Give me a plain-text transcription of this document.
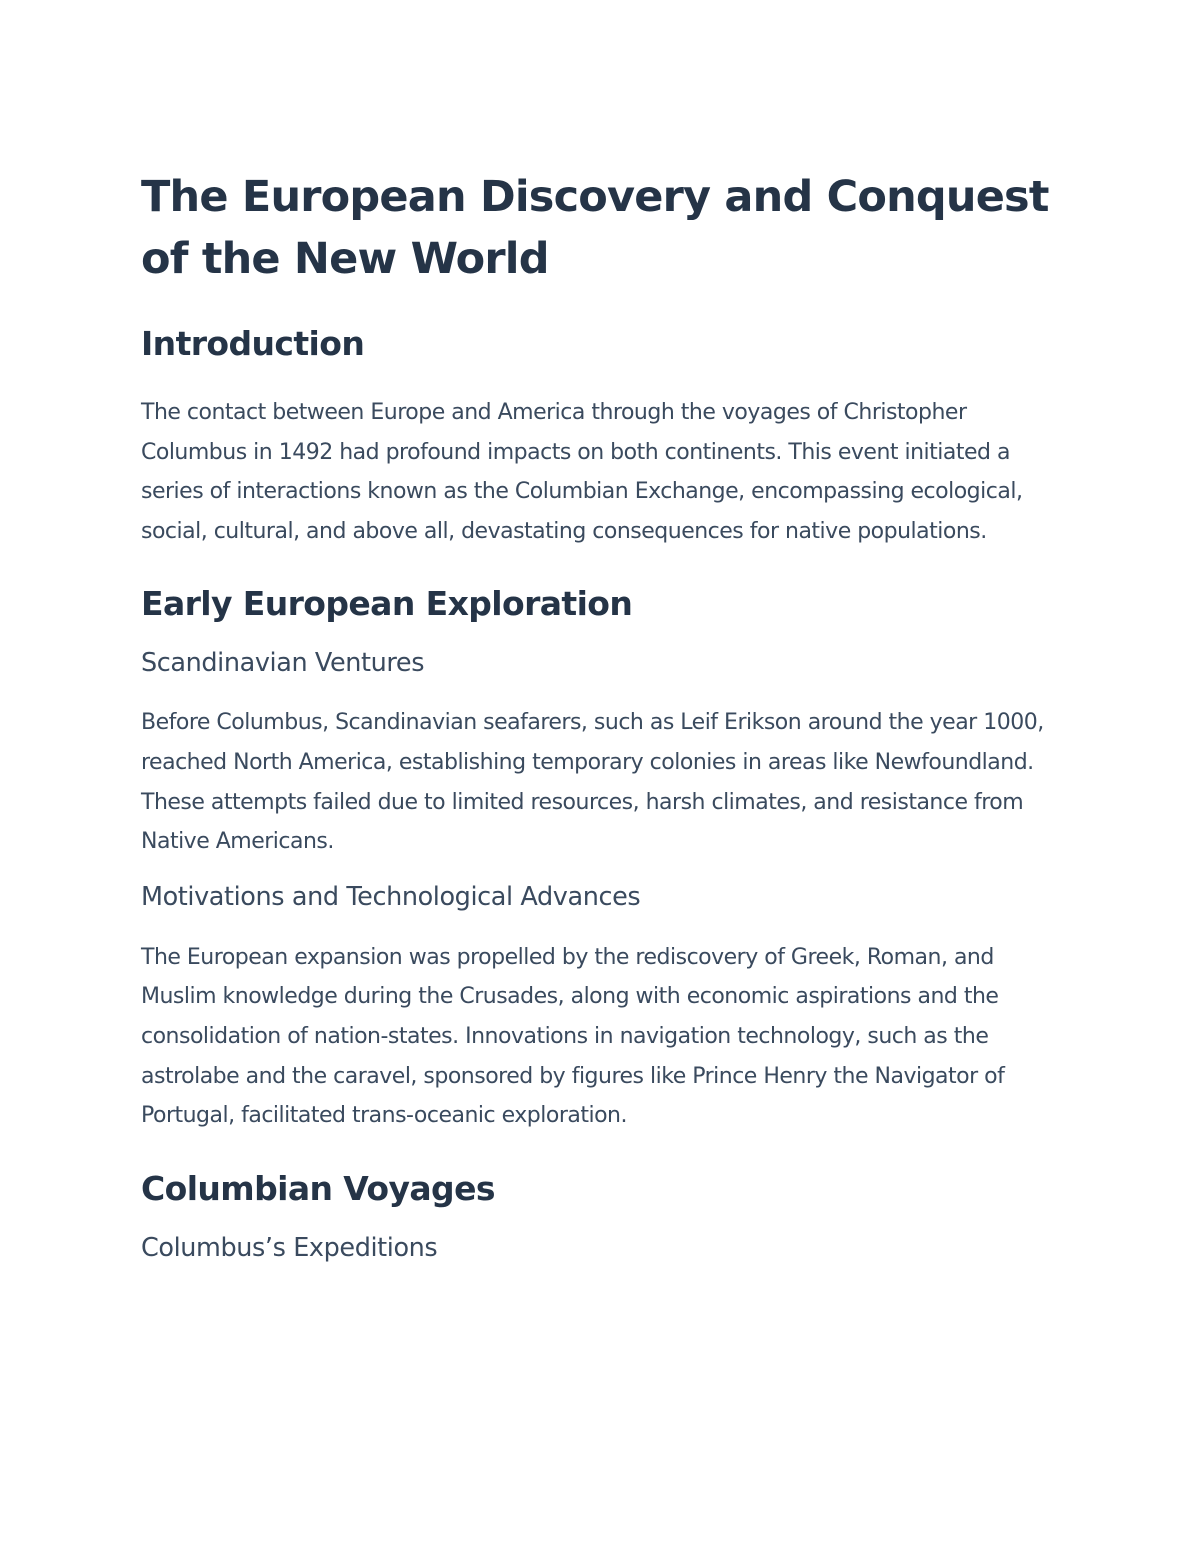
The European Discovery and Conquest of the New World
Introduction

The contact between Europe and America through the voyages of Christopher Columbus in 1492 had profound impacts on both continents. This event initiated a series of interactions known as the Columbian Exchange, encompassing ecological, social, cultural, and above all, devastating consequences for native populations.

Early European Exploration
Scandinavian Ventures

Before Columbus, Scandinavian seafarers, such as Leif Erikson around the year 1000, reached North America, establishing temporary colonies in areas like Newfoundland. These attempts failed due to limited resources, harsh climates, and resistance from Native Americans.

Motivations and Technological Advances

The European expansion was propelled by the rediscovery of Greek, Roman, and Muslim knowledge during the Crusades, along with economic aspirations and the consolidation of nation-states. Innovations in navigation technology, such as the astrolabe and the caravel, sponsored by figures like Prince Henry the Navigator of Portugal, facilitated trans-oceanic exploration.

Columbian Voyages
Columbus’s Expeditions
